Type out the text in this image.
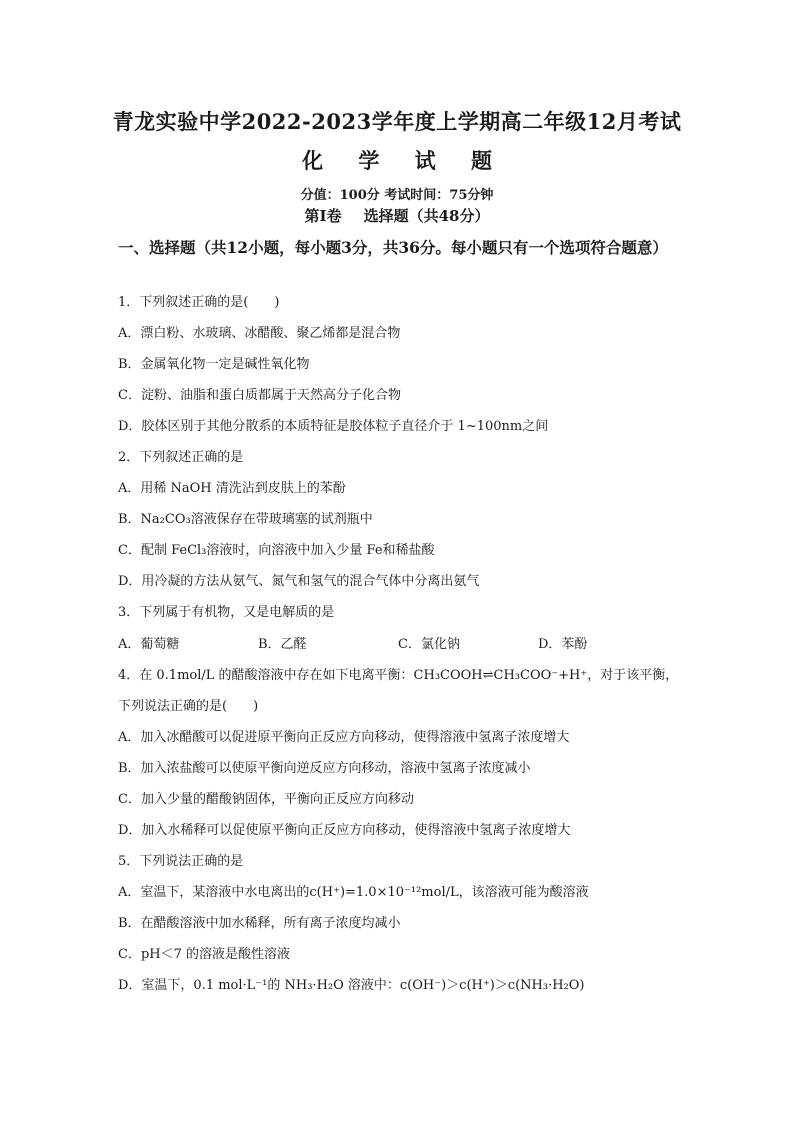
青龙实验中学2022-2023学年度上学期高二年级12月考试
化 学 试 题
分值：100分 考试时间：75分钟
第Ⅰ卷 选择题（共48分）
一、选择题（共12小题，每小题3分，共36分。每小题只有一个选项符合题意）
1．下列叙述正确的是(　　)
A．漂白粉、水玻璃、冰醋酸、聚乙烯都是混合物
B．金属氧化物一定是碱性氧化物
C．淀粉、油脂和蛋白质都属于天然高分子化合物
D．胶体区别于其他分散系的本质特征是胶体粒子直径介于 1~100nm之间
2．下列叙述正确的是
A．用稀 NaOH 清洗沾到皮肤上的苯酚
B．Na₂CO₃溶液保存在带玻璃塞的试剂瓶中
C．配制 FeCl₃溶液时，向溶液中加入少量 Fe和稀盐酸
D．用冷凝的方法从氨气、氮气和氢气的混合气体中分离出氨气
3．下列属于有机物，又是电解质的是
A．葡萄糖	B．乙醛	C．氯化钠	D．苯酚
4．在 0.1mol/L 的醋酸溶液中存在如下电离平衡：CH₃COOH⇌CH₃COO⁻+H⁺，对于该平衡，
下列说法正确的是(　　)
A．加入冰醋酸可以促进原平衡向正反应方向移动，使得溶液中氢离子浓度增大
B．加入浓盐酸可以使原平衡向逆反应方向移动，溶液中氢离子浓度减小
C．加入少量的醋酸钠固体，平衡向正反应方向移动
D．加入水稀释可以促使原平衡向正反应方向移动，使得溶液中氢离子浓度增大
5．下列说法正确的是
A．室温下，某溶液中水电离出的c(H⁺)=1.0×10⁻¹²mol/L，该溶液可能为酸溶液
B．在醋酸溶液中加水稀释，所有离子浓度均减小
C．pH＜7 的溶液是酸性溶液
D．室温下，0.1 mol·L⁻¹的 NH₃·H₂O 溶液中：c(OH⁻)＞c(H⁺)＞c(NH₃·H₂O)
